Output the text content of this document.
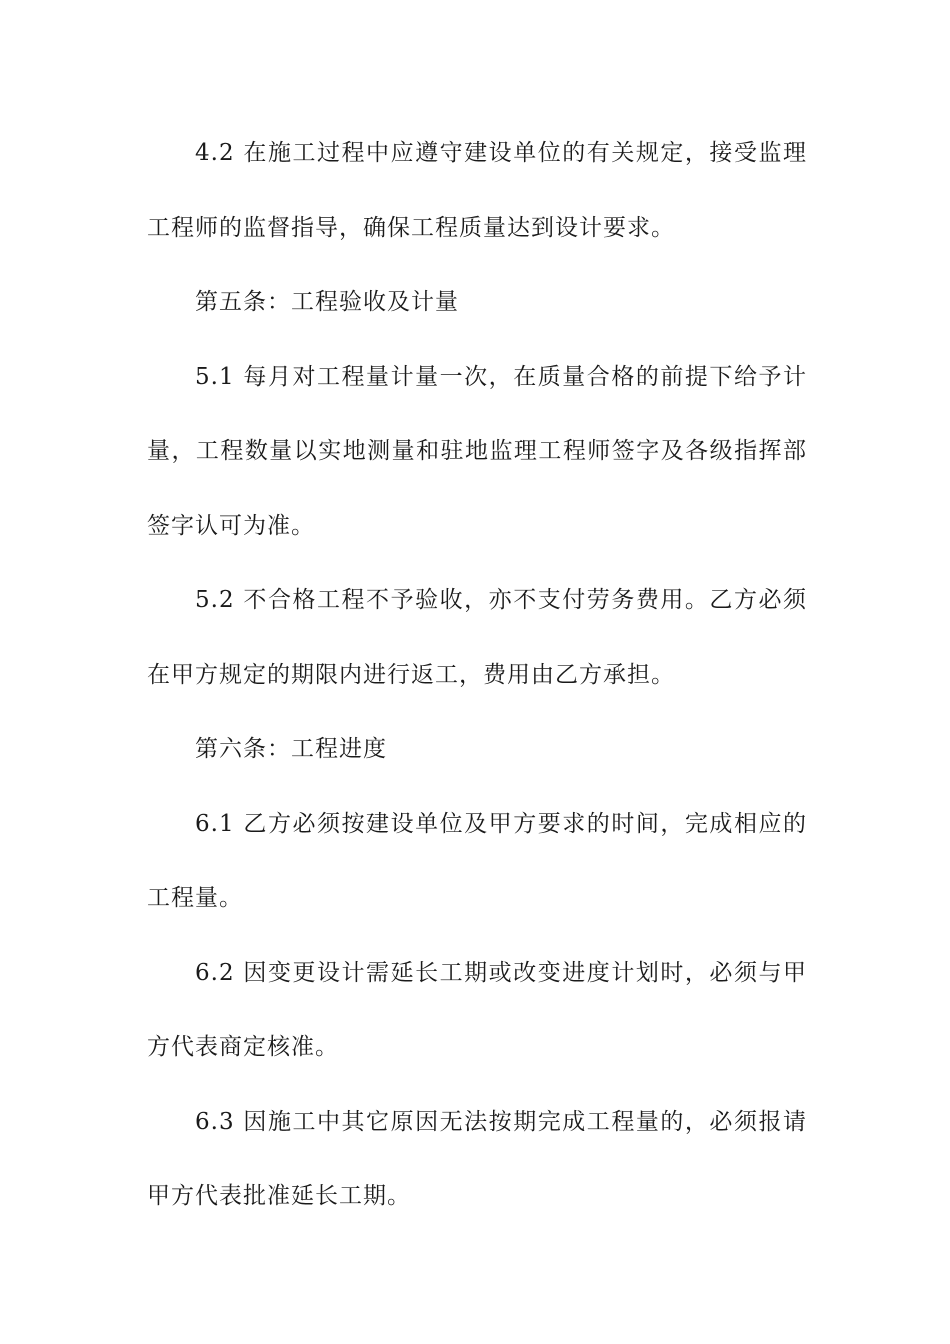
4.2 在施工过程中应遵守建设单位的有关规定，接受监理
工程师的监督指导，确保工程质量达到设计要求。
第五条：工程验收及计量
5.1 每月对工程量计量一次，在质量合格的前提下给予计
量，工程数量以实地测量和驻地监理工程师签字及各级指挥部
签字认可为准。
5.2 不合格工程不予验收，亦不支付劳务费用。乙方必须
在甲方规定的期限内进行返工，费用由乙方承担。
第六条：工程进度
6.1 乙方必须按建设单位及甲方要求的时间，完成相应的
工程量。
6.2 因变更设计需延长工期或改变进度计划时，必须与甲
方代表商定核准。
6.3 因施工中其它原因无法按期完成工程量的，必须报请
甲方代表批准延长工期。
